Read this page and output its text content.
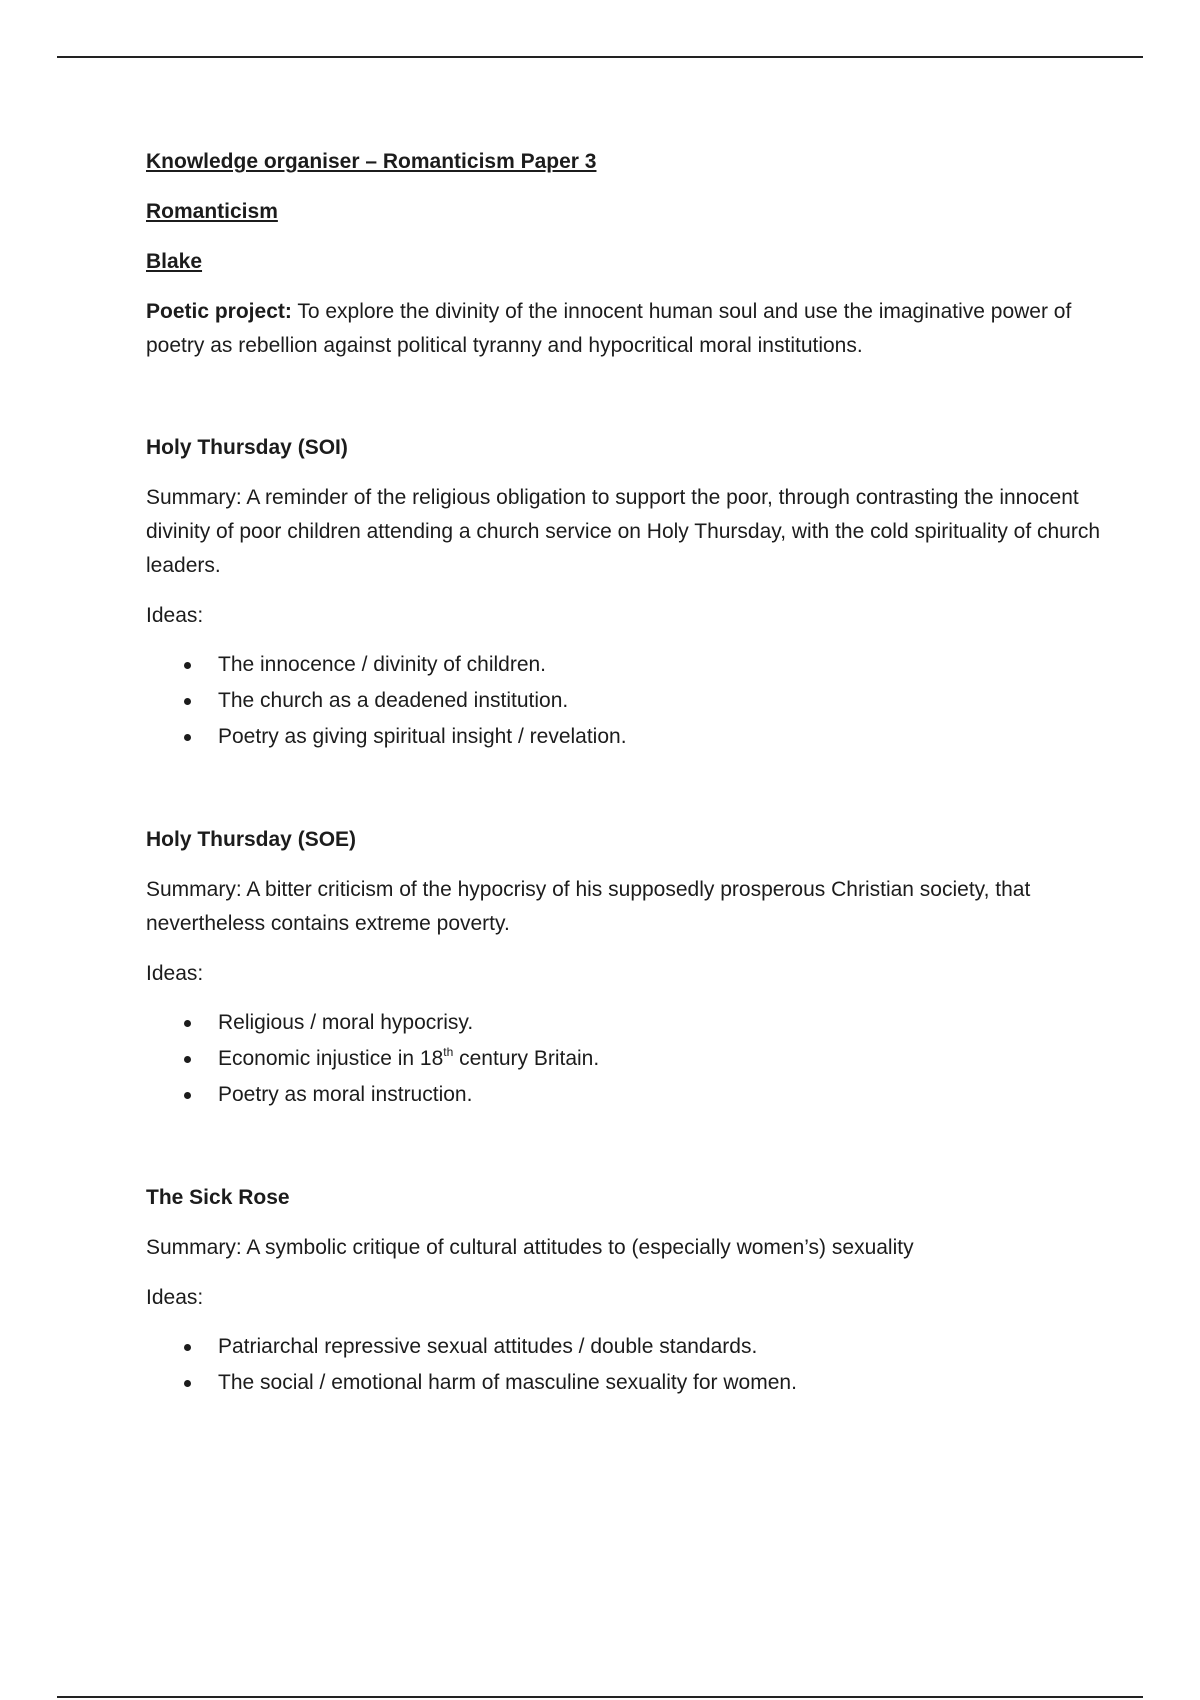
Knowledge organiser – Romanticism Paper 3

Romanticism

Blake

Poetic project: To explore the divinity of the innocent human soul and use the imaginative power of poetry as rebellion against political tyranny and hypocritical moral institutions.

Holy Thursday (SOI)

Summary: A reminder of the religious obligation to support the poor, through contrasting the innocent divinity of poor children attending a church service on Holy Thursday, with the cold spirituality of church leaders.

Ideas:

The innocence / divinity of children.
The church as a deadened institution.
Poetry as giving spiritual insight / revelation.

Holy Thursday (SOE)

Summary: A bitter criticism of the hypocrisy of his supposedly prosperous Christian society, that nevertheless contains extreme poverty.

Ideas:

Religious / moral hypocrisy.
Economic injustice in 18th century Britain.
Poetry as moral instruction.

The Sick Rose

Summary: A symbolic critique of cultural attitudes to (especially women’s) sexuality

Ideas:

Patriarchal repressive sexual attitudes / double standards.
The social / emotional harm of masculine sexuality for women.
